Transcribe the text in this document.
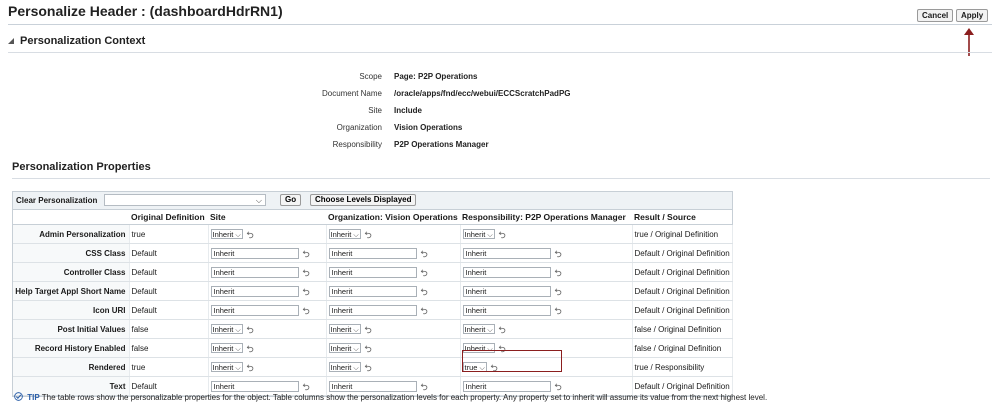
Personalize Header : (dashboardHdrRN1)	Cancel	Apply
Personalization Context
Scope Page: P2P Operations
Document Name /oracle/apps/fnd/ecc/webui/ECCScratchPadPG
Site Include
Organization Vision Operations
Responsibility P2P Operations Manager
Personalization Properties
Clear Personalization	⌵	Go	Choose Levels Displayed
	Original Definition	Site	Organization: Vision Operations	Responsibility: P2P Operations Manager	Result / Source
Admin Personalization	true	Inherit ⌵	Inherit ⌵	Inherit ⌵	true / Original Definition
CSS Class	Default	Inherit	Inherit	Inherit	Default / Original Definition
Controller Class	Default	Inherit	Inherit	Inherit	Default / Original Definition
Help Target Appl Short Name	Default	Inherit	Inherit	Inherit	Default / Original Definition
Icon URI	Default	Inherit	Inherit	Inherit	Default / Original Definition
Post Initial Values	false	Inherit ⌵	Inherit ⌵	Inherit ⌵	false / Original Definition
Record History Enabled	false	Inherit ⌵	Inherit ⌵	Inherit ⌵	false / Original Definition
Rendered	true	Inherit ⌵	Inherit ⌵	true ⌵	true / Responsibility
Text	Default	Inherit	Inherit	Inherit	Default / Original Definition
TIP The table rows show the personalizable properties for the object. Table columns show the personalization levels for each property. Any property set to inherit will assume its value from the next highest level.
